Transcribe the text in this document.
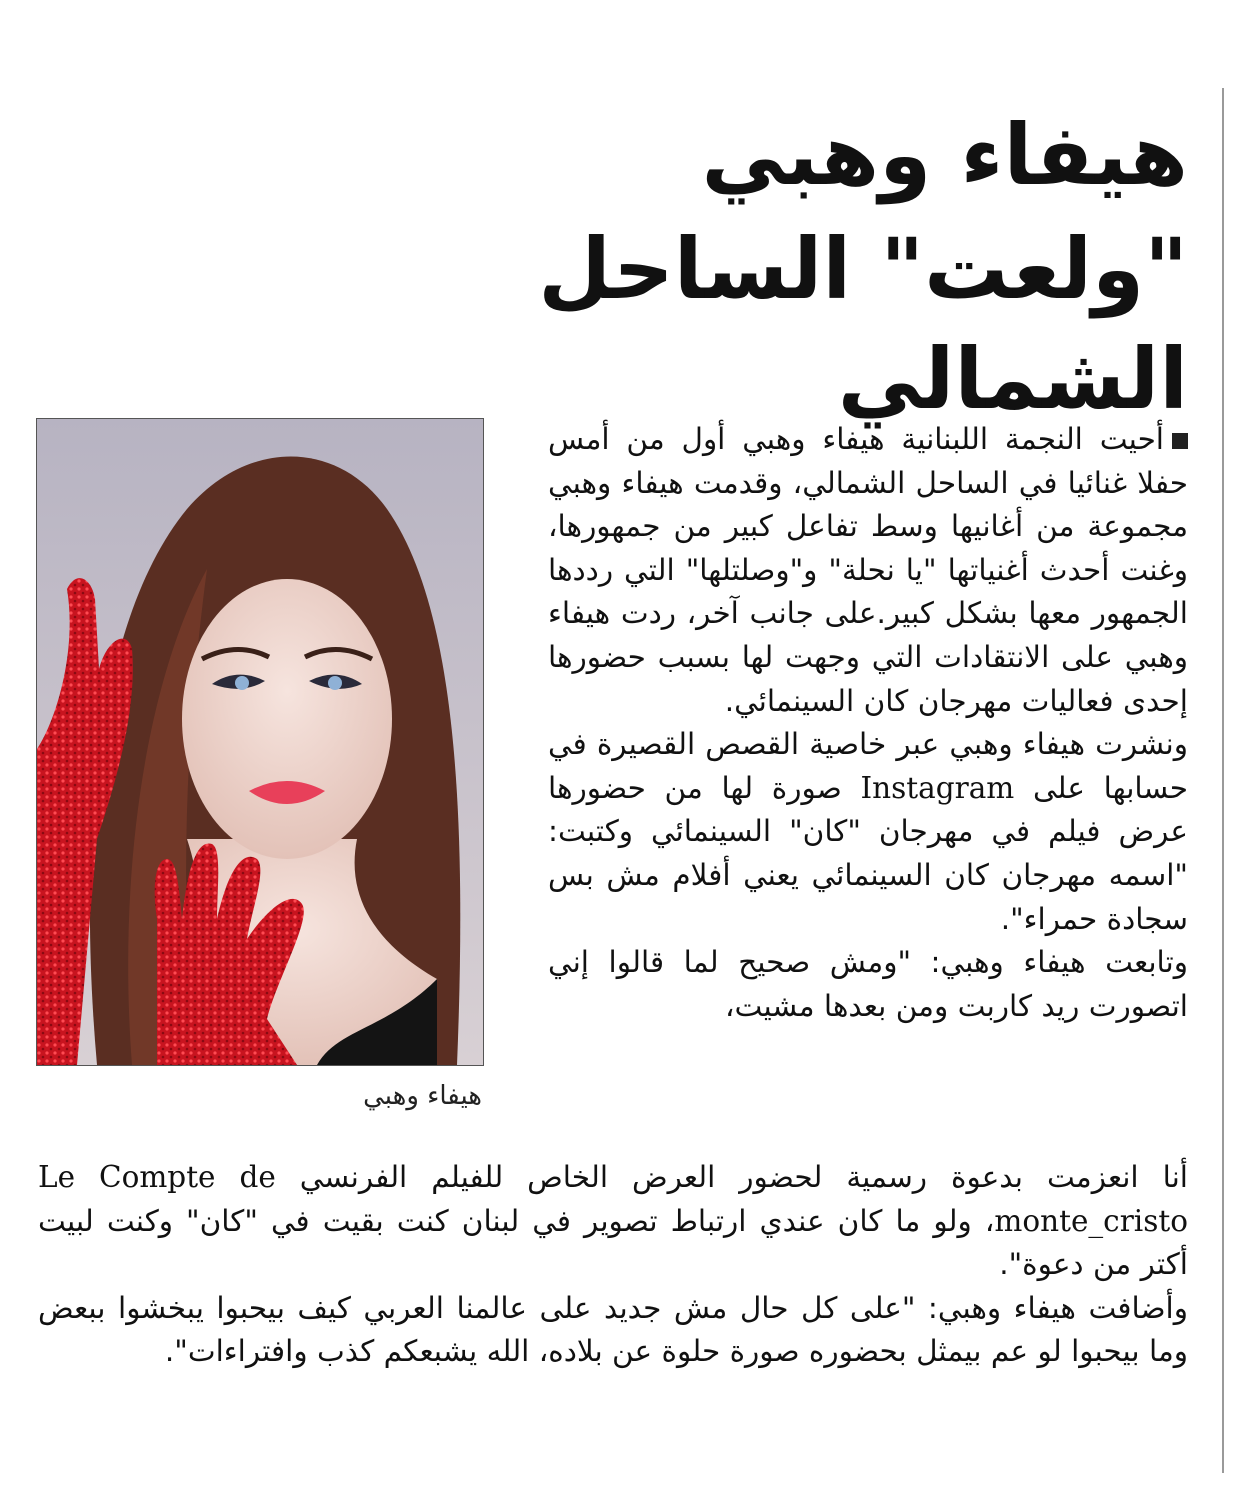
هيفاء وهبي
"ولعت" الساحل الشمالي
هيفاء وهبي

أحيت النجمة اللبنانية هيفاء وهبي أول من أمس حفلا غنائيا في الساحل الشمالي، وقدمت هيفاء وهبي مجموعة من أغانيها وسط تفاعل كبير من جمهورها، وغنت أحدث أغنياتها "يا نحلة" و"وصلتلها" التي رددها الجمهور معها بشكل كبير.على جانب آخر، ردت هيفاء وهبي على الانتقادات التي وجهت لها بسبب حضورها إحدى فعاليات مهرجان كان السينمائي.

ونشرت هيفاء وهبي عبر خاصية القصص القصيرة في حسابها على Instagram صورة لها من حضورها عرض فيلم في مهرجان "كان" السينمائي وكتبت: "اسمه مهرجان كان السينمائي يعني أفلام مش بس سجادة حمراء".

وتابعت هيفاء وهبي: "ومش صحيح لما قالوا إني اتصورت ريد كاربت ومن بعدها مشيت،

أنا انعزمت بدعوة رسمية لحضور العرض الخاص للفيلم الفرنسي Le Compte de monte_cristo، ولو ما كان عندي ارتباط تصوير في لبنان كنت بقيت في "كان" وكنت لبيت أكتر من دعوة".

وأضافت هيفاء وهبي: "على كل حال مش جديد على عالمنا العربي كيف بيحبوا يبخشوا ببعض وما بيحبوا لو عم بيمثل بحضوره صورة حلوة عن بلاده، الله يشبعكم كذب وافتراءات".
